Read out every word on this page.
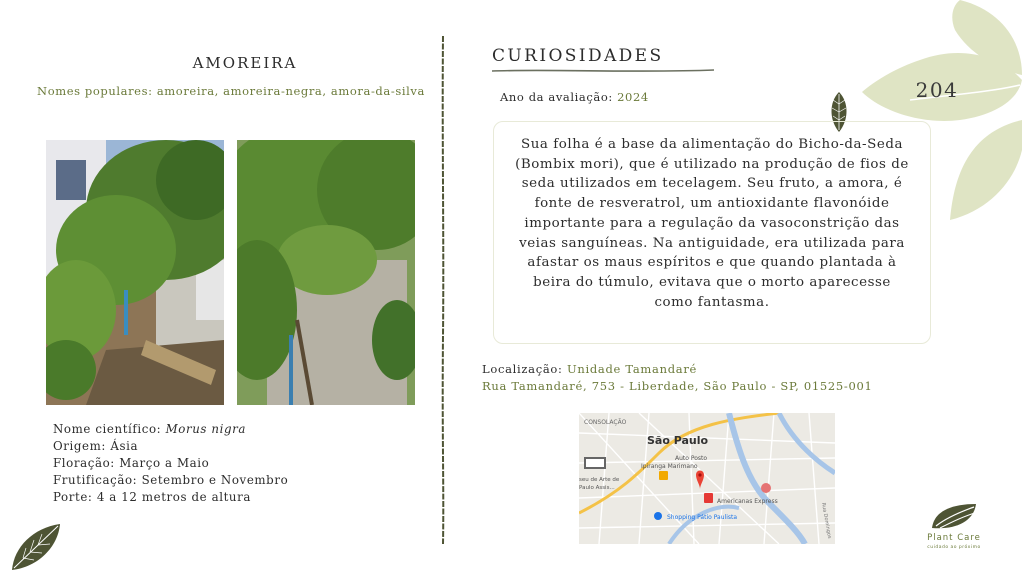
204
AMOREIRA
Nomes populares: amoreira, amoreira-negra, amora-da-silva
Nome científico: Morus nigra
Origem: Ásia
Floração: Março a Maio
Frutificação: Setembro e Novembro
Porte: 4 a 12 metros de altura
CURIOSIDADES
Ano da avaliação: 2024
Sua folha é a base da alimentação do Bicho-da-Seda (Bombix mori), que é utilizado na produção de fios de seda utilizados em tecelagem. Seu fruto, a amora, é fonte de resveratrol, um antioxidante flavonóide importante para a regulação da vasoconstrição das veias sanguíneas. Na antiguidade, era utilizada para afastar os maus espíritos e que quando plantada à beira do túmulo, evitava que o morto aparecesse como fantasma.
Localização: Unidade Tamandaré
Rua Tamandaré, 753 - Liberdade, São Paulo - SP, 01525-001
CONSOLAÇÃO
São Paulo
Auto Posto
Ipiranga Marimano
seu de Arte de
Paulo Assis...
Americanas Express
Shopping Pátio Paulista	Rua Domingos	Plant Care
cuidado ao próximo
